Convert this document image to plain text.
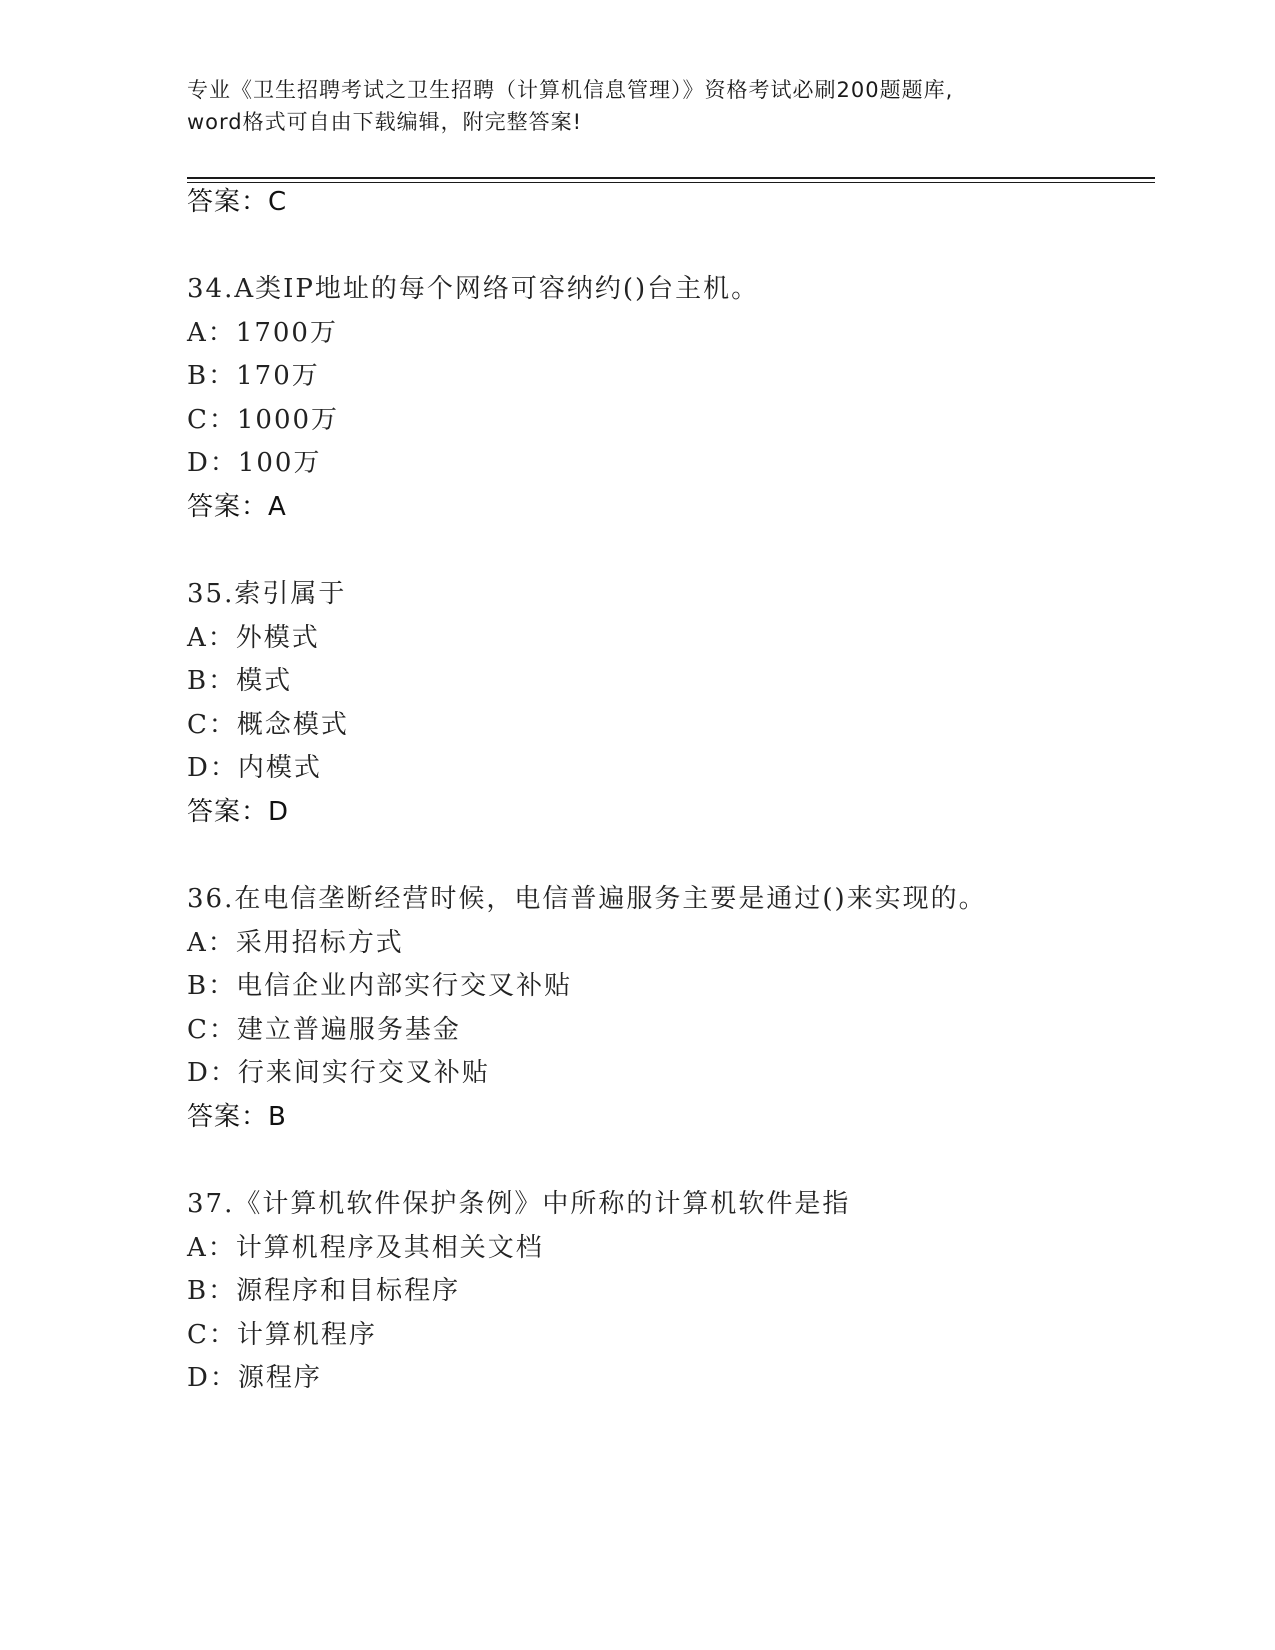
专业《卫生招聘考试之卫生招聘（计算机信息管理）》资格考试必刷200题题库,
word格式可自由下载编辑，附完整答案!
答案：C
34.A类IP地址的每个网络可容纳约()台主机。
A：1700万
B：170万
C：1000万
D：100万
答案：A
35.索引属于
A：外模式
B：模式
C：概念模式
D：内模式
答案：D
36.在电信垄断经营时候，电信普遍服务主要是通过()来实现的。
A：采用招标方式
B：电信企业内部实行交叉补贴
C：建立普遍服务基金
D：行来间实行交叉补贴
答案：B
37.《计算机软件保护条例》中所称的计算机软件是指
A：计算机程序及其相关文档
B：源程序和目标程序
C：计算机程序
D：源程序
